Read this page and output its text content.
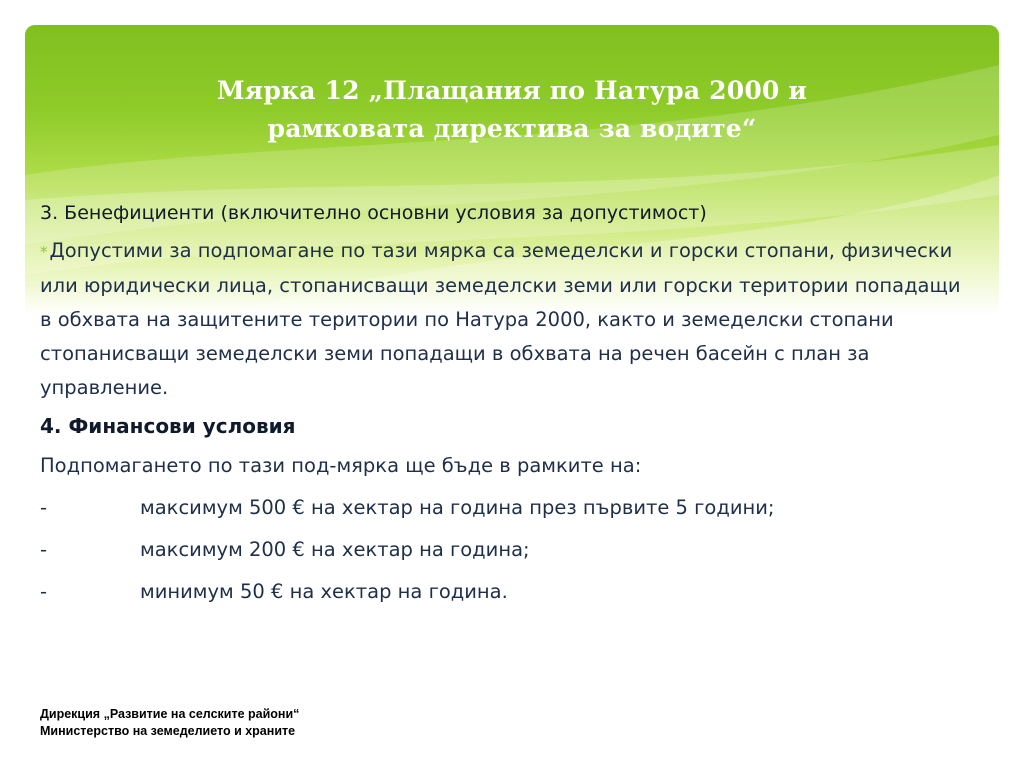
Мярка 12 „Плащания по Натура 2000 и
рамковата директива за водите“
3. Бенефициенти (включително основни условия за допустимост)
* Допустими за подпомагане по тази мярка са земеделски и горски стопани, физически или юридически лица, стопанисващи земеделски земи или горски територии попадащи в обхвата на защитените територии по Натура 2000, както и земеделски стопани стопанисващи земеделски земи попадащи в обхвата на речен басейн с план за управление.
4. Финансови условия
Подпомагането по тази под-мярка ще бъде в рамките на:
-	максимум 500 € на хектар на година през първите 5 години;
-	максимум 200 € на хектар на година;
-	минимум 50 € на хектар на година.
Дирекция „Развитие на селските райони“
Министерство на земеделието и храните
